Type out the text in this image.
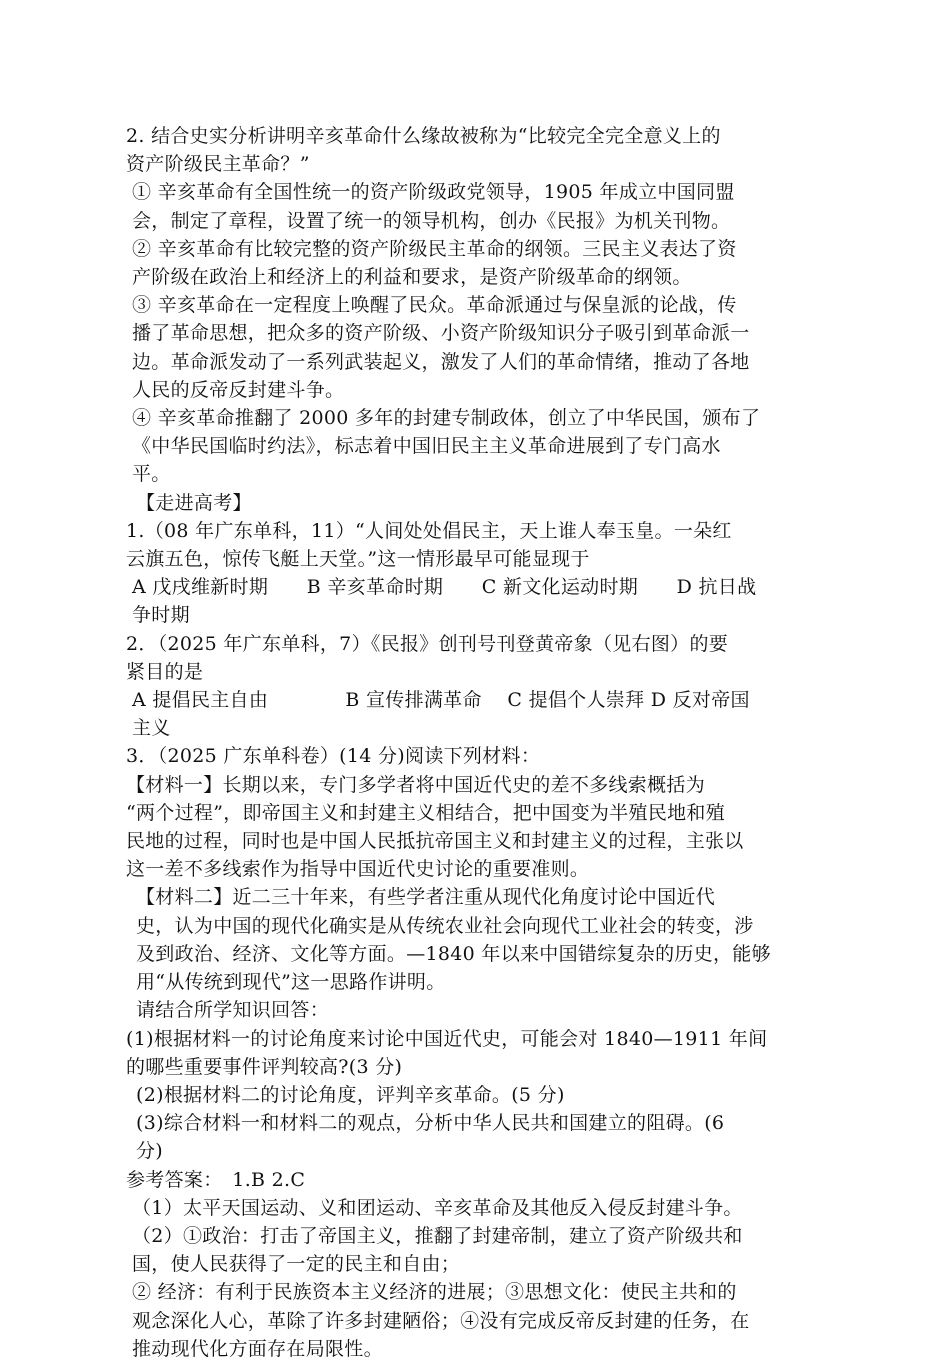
2. 结合史实分析讲明辛亥革命什么缘故被称为“比较完全完全意义上的
资产阶级民主革命？”

① 辛亥革命有全国性统一的资产阶级政党领导，1905 年成立中国同盟
会，制定了章程，设置了统一的领导机构，创办《民报》为机关刊物。

② 辛亥革命有比较完整的资产阶级民主革命的纲领。三民主义表达了资
产阶级在政治上和经济上的利益和要求，是资产阶级革命的纲领。

③ 辛亥革命在一定程度上唤醒了民众。革命派通过与保皇派的论战，传
播了革命思想，把众多的资产阶级、小资产阶级知识分子吸引到革命派一
边。革命派发动了一系列武装起义，激发了人们的革命情绪，推动了各地
人民的反帝反封建斗争。

④ 辛亥革命推翻了 2000 多年的封建专制政体，创立了中华民国，颁布了
《中华民国临时约法》，标志着中国旧民主主义革命进展到了专门高水
平。

【走进高考】

1.（08 年广东单科，11）“人间处处倡民主，天上谁人奉玉皇。一朵红
云旗五色，惊传飞艇上天堂。”这一情形最早可能显现于

A 戊戌维新时期　　B 辛亥革命时期　　C 新文化运动时期　　D 抗日战
争时期

2．（2025 年广东单科，7）《民报》创刊号刊登黄帝象（见右图）的要
紧目的是

A 提倡民主自由　　　　B 宣传排满革命　 C 提倡个人崇拜 D 反对帝国
主义

3．（2025 广东单科卷）(14 分)阅读下列材料：

【材料一】长期以来，专门多学者将中国近代史的差不多线索概括为
“两个过程”，即帝国主义和封建主义相结合，把中国变为半殖民地和殖
民地的过程，同时也是中国人民抵抗帝国主义和封建主义的过程，主张以
这一差不多线索作为指导中国近代史讨论的重要准则。

【材料二】近二三十年来，有些学者注重从现代化角度讨论中国近代
史，认为中国的现代化确实是从传统农业社会向现代工业社会的转变，涉
及到政治、经济、文化等方面。—1840 年以来中国错综复杂的历史，能够
用“从传统到现代”这一思路作讲明。

请结合所学知识回答：

(1)根据材料一的讨论角度来讨论中国近代史，可能会对 1840—1911 年间
的哪些重要事件评判较高?(3 分)

(2)根据材料二的讨论角度，评判辛亥革命。(5 分)

(3)综合材料一和材料二的观点，分析中华人民共和国建立的阻碍。(6
分)

参考答案：　1.B 2.C

（1）太平天国运动、义和团运动、辛亥革命及其他反入侵反封建斗争。

（2）①政治：打击了帝国主义，推翻了封建帝制，建立了资产阶级共和
国，使人民获得了一定的民主和自由；

② 经济：有利于民族资本主义经济的进展；③思想文化：使民主共和的
观念深化人心，革除了许多封建陋俗；④没有完成反帝反封建的任务，在
推动现代化方面存在局限性。
